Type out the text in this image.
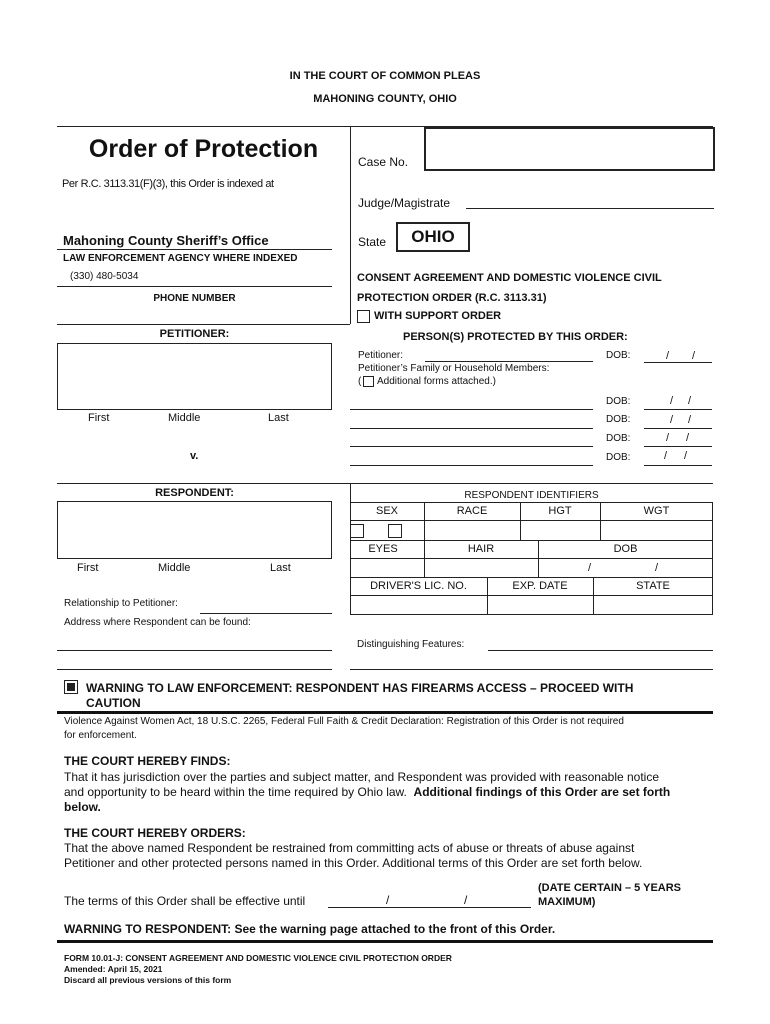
IN THE COURT OF COMMON PLEAS
MAHONING COUNTY, OHIO
Order of Protection
Per R.C. 3113.31(F)(3), this Order is indexed at
Mahoning County Sheriff’s Office
LAW ENFORCEMENT AGENCY WHERE INDEXED
(330) 480-5034
PHONE NUMBER
Case No.
Judge/Magistrate
State	OHIO
CONSENT AGREEMENT AND DOMESTIC VIOLENCE CIVIL
PROTECTION ORDER (R.C. 3113.31)
WITH SUPPORT ORDER
PETITIONER:
First	Middle	Last
v.
PERSON(S) PROTECTED BY THIS ORDER:
Petitioner:	DOB:	/ /
Petitioner’s Family or Household Members:
( Additional forms attached.)
DOB:	/ /
DOB:	/ /
DOB:	/ /
DOB:	/ /
RESPONDENT:
First	Middle	Last
Relationship to Petitioner:
Address where Respondent can be found:
RESPONDENT IDENTIFIERS
SEX	RACE	HGT	WGT
EYES	HAIR	DOB
/	/
DRIVER'S LIC. NO.	EXP. DATE	STATE
Distinguishing Features:
WARNING TO LAW ENFORCEMENT: RESPONDENT HAS FIREARMS ACCESS – PROCEED WITH
CAUTION
Violence Against Women Act, 18 U.S.C. 2265, Federal Full Faith & Credit Declaration: Registration of this Order is not required
for enforcement.
THE COURT HEREBY FINDS:
That it has jurisdiction over the parties and subject matter, and Respondent was provided with reasonable notice
and opportunity to be heard within the time required by Ohio law.  Additional findings of this Order are set forth
below.
THE COURT HEREBY ORDERS:
That the above named Respondent be restrained from committing acts of abuse or threats of abuse against
Petitioner and other protected persons named in this Order. Additional terms of this Order are set forth below.
The terms of this Order shall be effective until	/	/
(DATE CERTAIN – 5 YEARS
MAXIMUM)
WARNING TO RESPONDENT: See the warning page attached to the front of this Order.
FORM 10.01-J: CONSENT AGREEMENT AND DOMESTIC VIOLENCE CIVIL PROTECTION ORDER
Amended: April 15, 2021
Discard all previous versions of this form
